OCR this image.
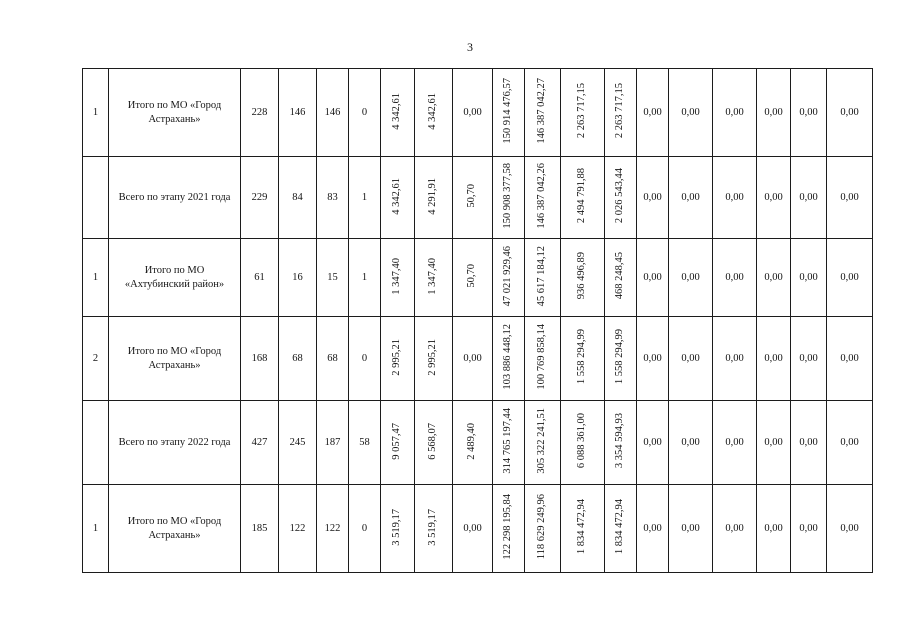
3
1	Итого по МО «Город Астрахань»	228	146	146	0	4 342,61	4 342,61	0,00	150 914 476,57	146 387 042,27	2 263 717,15	2 263 717,15	0,00	0,00	0,00	0,00	0,00	0,00

	Всего по этапу 2021 года	229	84	83	1	4 342,61	4 291,91	50,70	150 908 377,58	146 387 042,26	2 494 791,88	2 026 543,44	0,00	0,00	0,00	0,00	0,00	0,00
1	Итого по МО «Ахтубинский район»	61	16	15	1	1 347,40	1 347,40	50,70	47 021 929,46	45 617 184,12	936 496,89	468 248,45	0,00	0,00	0,00	0,00	0,00	0,00
2	Итого по МО «Город Астрахань»	168	68	68	0	2 995,21	2 995,21	0,00	103 886 448,12	100 769 858,14	1 558 294,99	1 558 294,99	0,00	0,00	0,00	0,00	0,00	0,00

	Всего по этапу 2022 года	427	245	187	58	9 057,47	6 568,07	2 489,40	314 765 197,44	305 322 241,51	6 088 361,00	3 354 594,93	0,00	0,00	0,00	0,00	0,00	0,00
1	Итого по МО «Город Астрахань»	185	122	122	0	3 519,17	3 519,17	0,00	122 298 195,84	118 629 249,96	1 834 472,94	1 834 472,94	0,00	0,00	0,00	0,00	0,00	0,00
